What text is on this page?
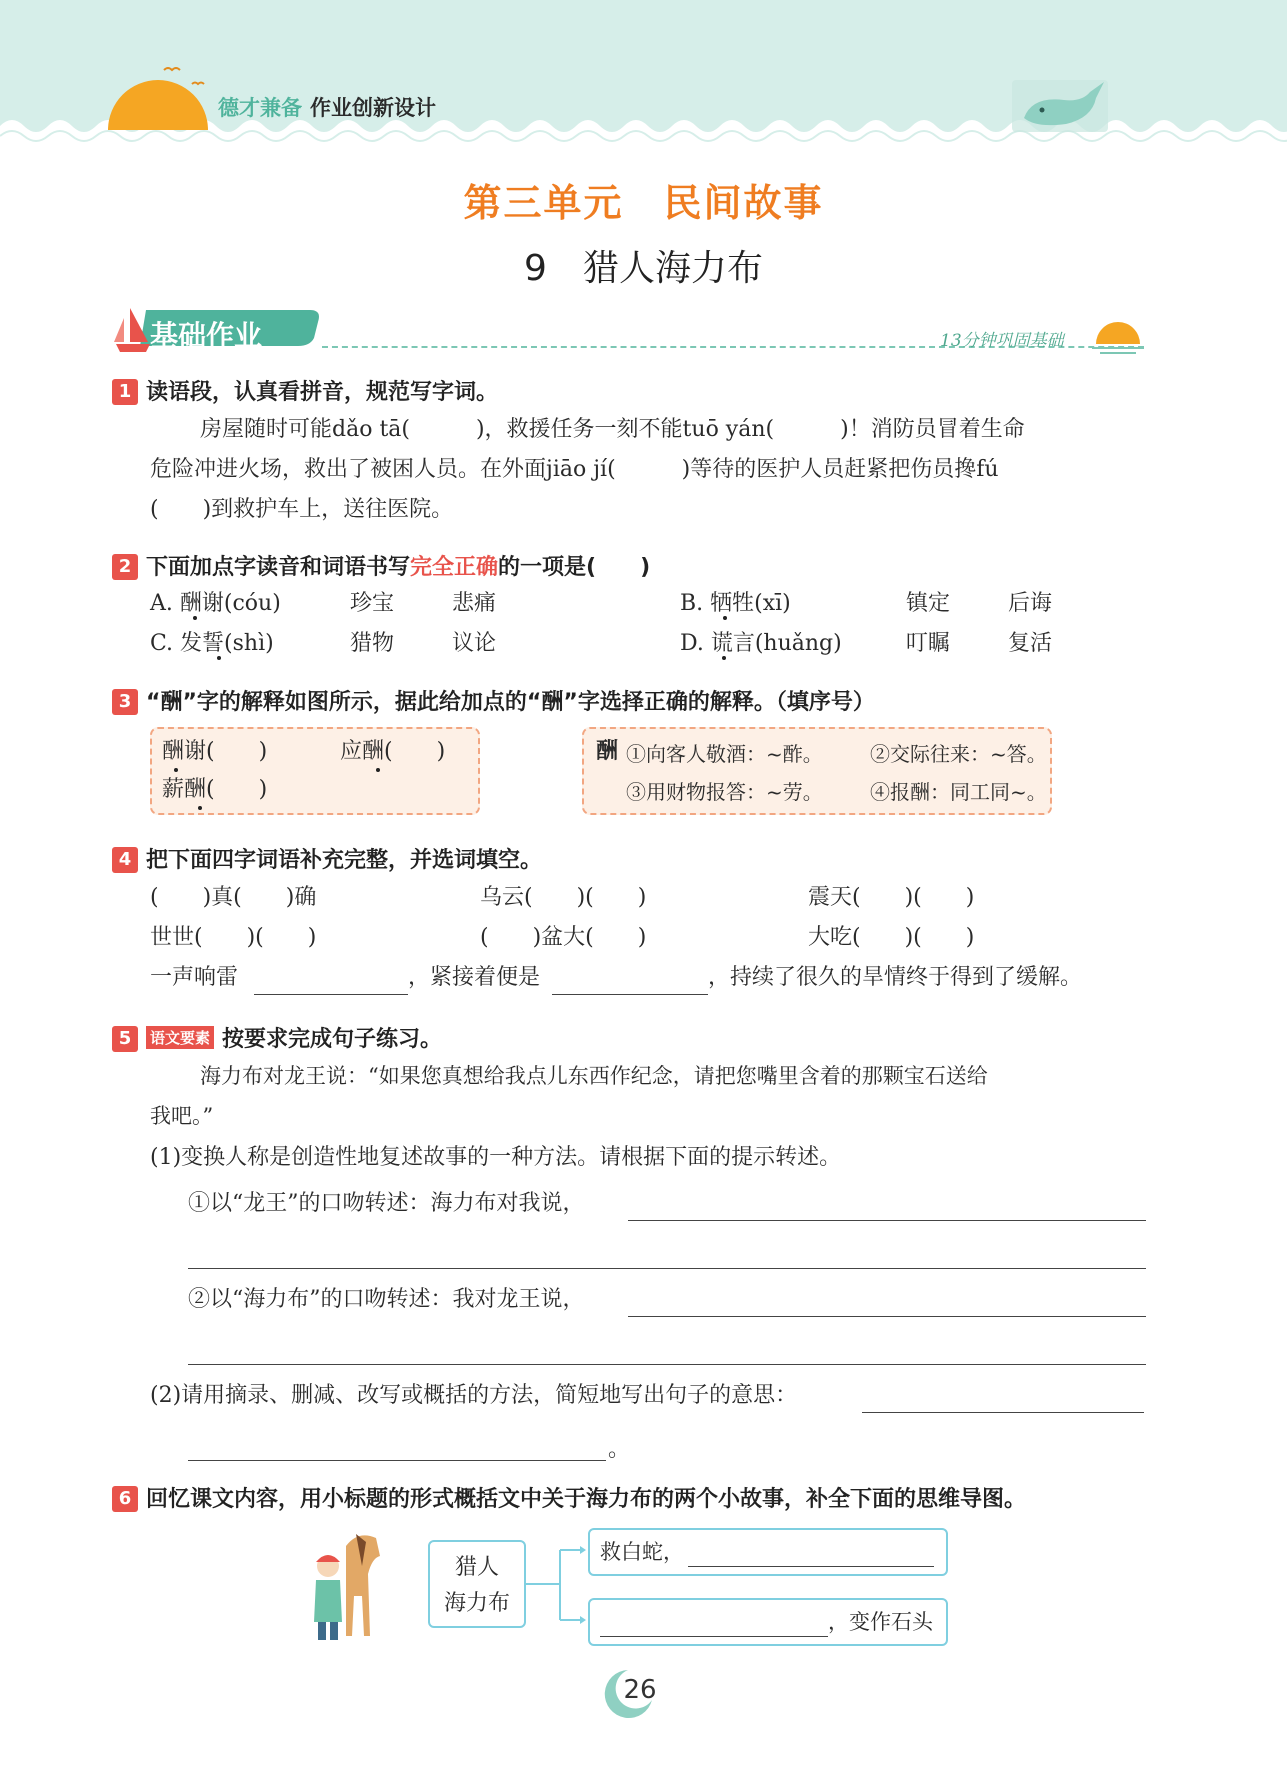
德才兼备 作业创新设计
第三单元　民间故事
9　猎人海力布
基础作业	13分钟巩固基础
1 读语段，认真看拼音，规范写字词。
房屋随时可能dǎo tā(　　　)，救援任务一刻不能tuō yán(　　　)！消防员冒着生命
危险冲进火场，救出了被困人员。在外面jiāo jí(　　　)等待的医护人员赶紧把伤员搀fú
(　　)到救护车上，送往医院。
2 下面加点字读音和词语书写完全正确的一项是(　　)
A. 酬谢(cóu)	珍宝	悲痛	B. 牺牲(xī)	镇定	后诲
C. 发誓(shì)	猎物	议论	D. 谎言(huǎng)	叮瞩	复活
3 “酬”字的解释如图所示，据此给加点的“酬”字选择正确的解释。（填序号）
酬谢(　　)	应酬(　　)
薪酬(　　)
酬 ①向客人敬酒：~酢。 ②交际往来：~答。
③用财物报答：~劳。 ④报酬：同工同~。
4 把下面四字词语补充完整，并选词填空。
(　　)真(　　)确	乌云(　　)(　　)	震天(　　)(　　)
世世(　　)(　　)	(　　)盆大(　　)	大吃(　　)(　　)
一声响雷	，紧接着便是	，持续了很久的旱情终于得到了缓解。
5 语文要素 按要求完成句子练习。
海力布对龙王说：“如果您真想给我点儿东西作纪念，请把您嘴里含着的那颗宝石送给
我吧。”
(1)变换人称是创造性地复述故事的一种方法。请根据下面的提示转述。
①以“龙王”的口吻转述：海力布对我说，
②以“海力布”的口吻转述：我对龙王说，
(2)请用摘录、删减、改写或概括的方法，简短地写出句子的意思：
。
6 回忆课文内容，用小标题的形式概括文中关于海力布的两个小故事，补全下面的思维导图。
猎人
海力布
救白蛇，
，变作石头
26
